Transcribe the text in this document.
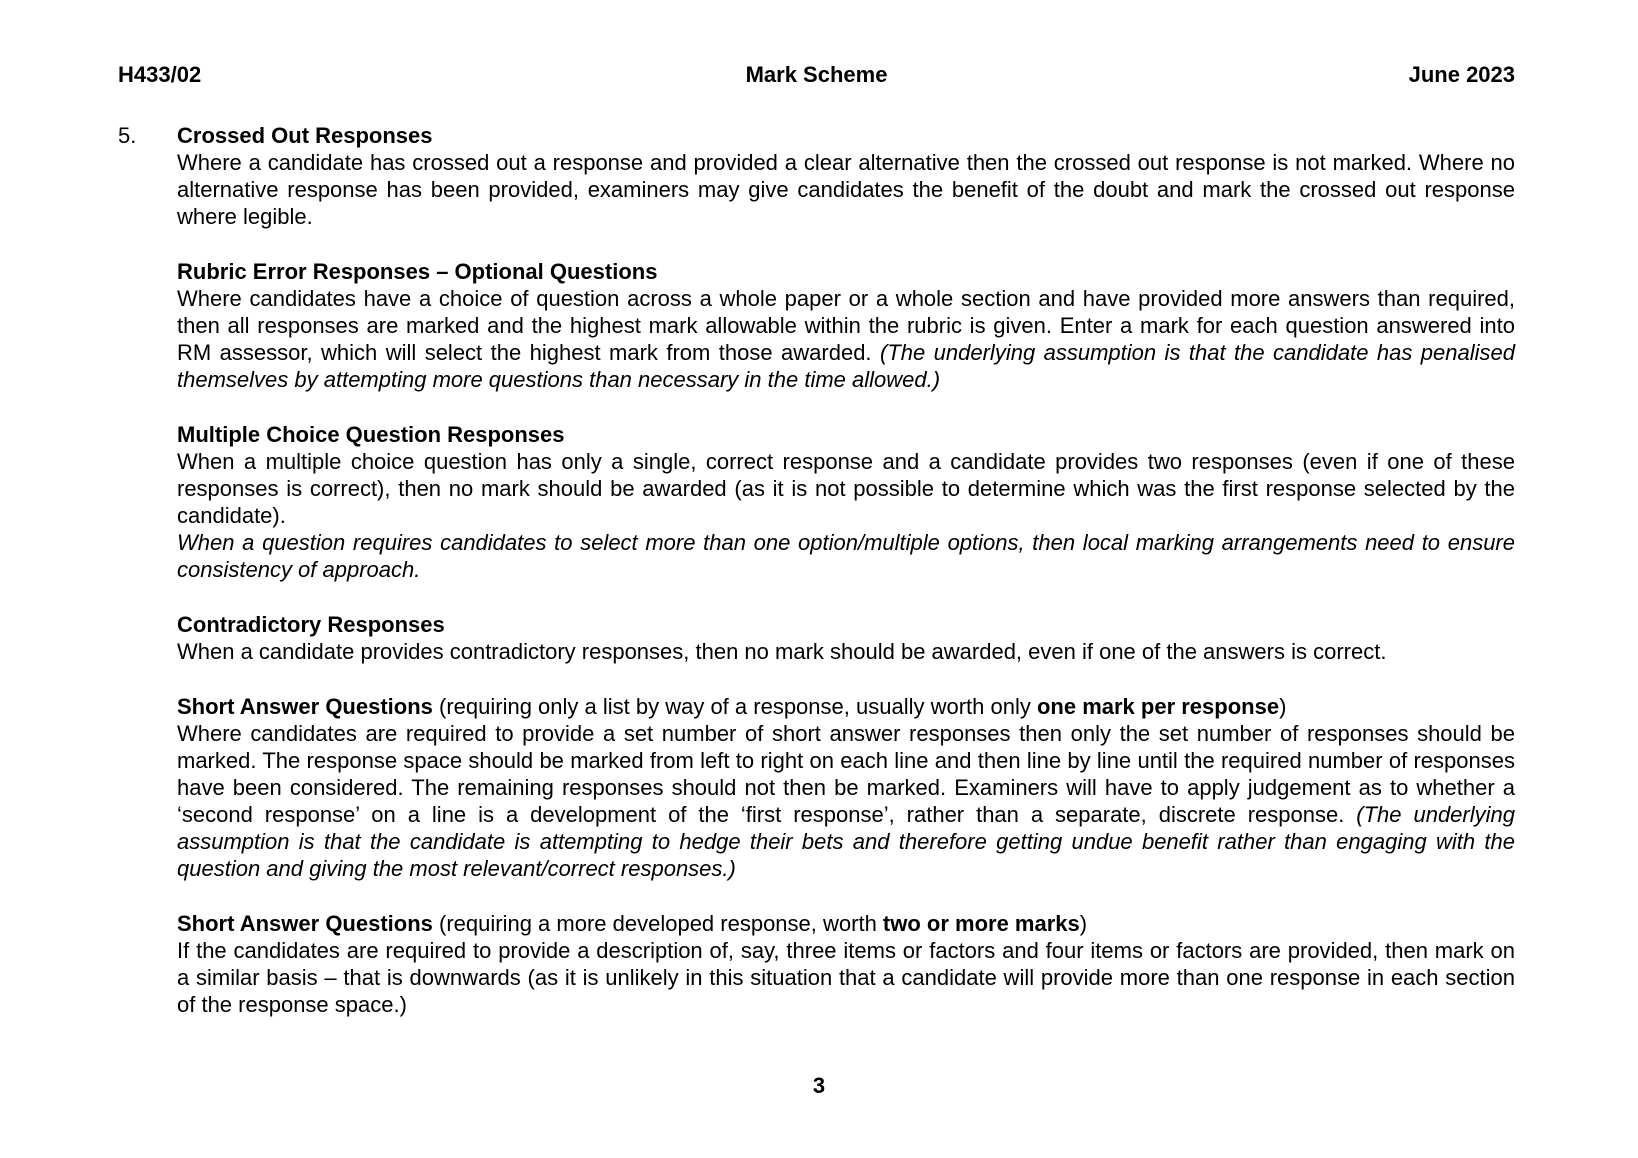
H433/02	Mark Scheme	June 2023
5. Crossed Out Responses

Where a candidate has crossed out a response and provided a clear alternative then the crossed out response is not marked. Where no alternative response has been provided, examiners may give candidates the benefit of the doubt and mark the crossed out response where legible.

Rubric Error Responses – Optional Questions

Where candidates have a choice of question across a whole paper or a whole section and have provided more answers than required, then all responses are marked and the highest mark allowable within the rubric is given. Enter a mark for each question answered into RM assessor, which will select the highest mark from those awarded. (The underlying assumption is that the candidate has penalised themselves by attempting more questions than necessary in the time allowed.)

Multiple Choice Question Responses

When a multiple choice question has only a single, correct response and a candidate provides two responses (even if one of these responses is correct), then no mark should be awarded (as it is not possible to determine which was the first response selected by the candidate).

When a question requires candidates to select more than one option/multiple options, then local marking arrangements need to ensure consistency of approach.

Contradictory Responses

When a candidate provides contradictory responses, then no mark should be awarded, even if one of the answers is correct.

Short Answer Questions (requiring only a list by way of a response, usually worth only one mark per response)

Where candidates are required to provide a set number of short answer responses then only the set number of responses should be marked. The response space should be marked from left to right on each line and then line by line until the required number of responses have been considered. The remaining responses should not then be marked. Examiners will have to apply judgement as to whether a ‘second response’ on a line is a development of the ‘first response’, rather than a separate, discrete response. (The underlying assumption is that the candidate is attempting to hedge their bets and therefore getting undue benefit rather than engaging with the question and giving the most relevant/correct responses.)

Short Answer Questions (requiring a more developed response, worth two or more marks)

If the candidates are required to provide a description of, say, three items or factors and four items or factors are provided, then mark on a similar basis – that is downwards (as it is unlikely in this situation that a candidate will provide more than one response in each section of the response space.)

3
